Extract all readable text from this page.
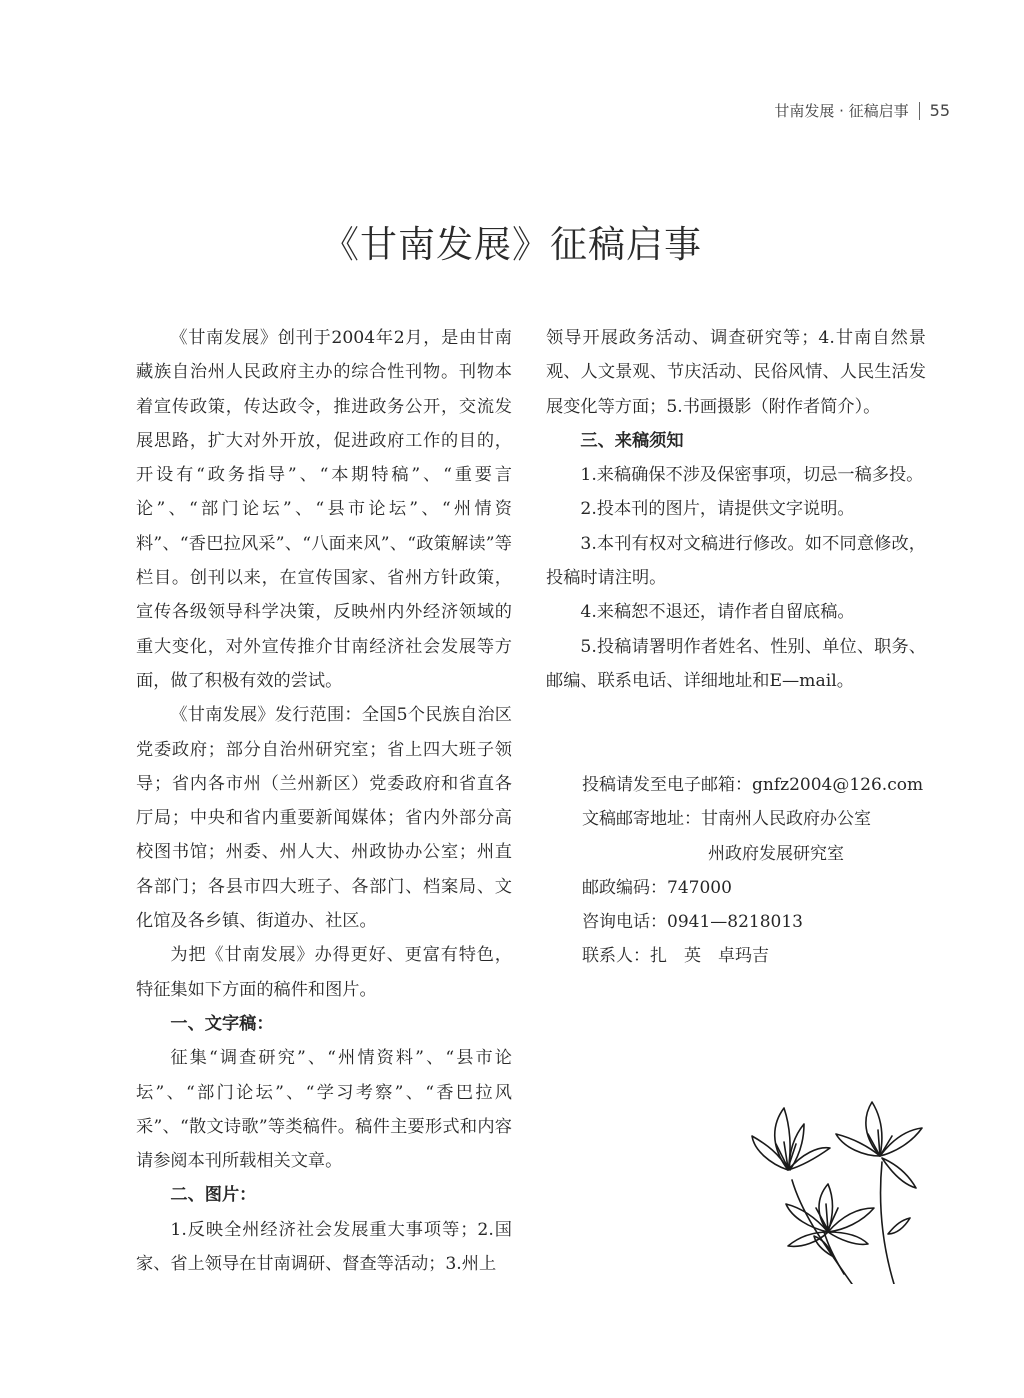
甘南发展 · 征稿启事 55
《甘南发展》征稿启事

《甘南发展》创刊于2004年2月，是由甘南藏族自治州人民政府主办的综合性刊物。刊物本着宣传政策，传达政令，推进政务公开，交流发展思路，扩大对外开放，促进政府工作的目的，开设有“政务指导”、“本期特稿”、“重要言论”、“部门论坛”、“县市论坛”、“州情资料”、“香巴拉风采”、“八面来风”、“政策解读”等栏目。创刊以来，在宣传国家、省州方针政策，宣传各级领导科学决策，反映州内外经济领域的重大变化，对外宣传推介甘南经济社会发展等方面，做了积极有效的尝试。

《甘南发展》发行范围：全国5个民族自治区党委政府；部分自治州研究室；省上四大班子领导；省内各市州（兰州新区）党委政府和省直各厅局；中央和省内重要新闻媒体；省内外部分高校图书馆；州委、州人大、州政协办公室；州直各部门；各县市四大班子、各部门、档案局、文化馆及各乡镇、街道办、社区。

为把《甘南发展》办得更好、更富有特色，特征集如下方面的稿件和图片。

一、文字稿：

征集“调查研究”、“州情资料”、“县市论坛”、“部门论坛”、“学习考察”、“香巴拉风采”、“散文诗歌”等类稿件。稿件主要形式和内容请参阅本刊所载相关文章。

二、图片：

1.反映全州经济社会发展重大事项等；2.国家、省上领导在甘南调研、督查等活动；3.州上

领导开展政务活动、调查研究等；4.甘南自然景观、人文景观、节庆活动、民俗风情、人民生活发展变化等方面；5.书画摄影（附作者简介）。

三、来稿须知

1.来稿确保不涉及保密事项，切忌一稿多投。

2.投本刊的图片，请提供文字说明。

3.本刊有权对文稿进行修改。如不同意修改，投稿时请注明。

4.来稿恕不退还，请作者自留底稿。

5.投稿请署明作者姓名、性别、单位、职务、邮编、联系电话、详细地址和E—mail。

投稿请发至电子邮箱：gnfz2004@126.com
文稿邮寄地址：甘南州人民政府办公室
州政府发展研究室
邮政编码：747000
咨询电话：0941—8218013
联系人：扎　英　卓玛吉
